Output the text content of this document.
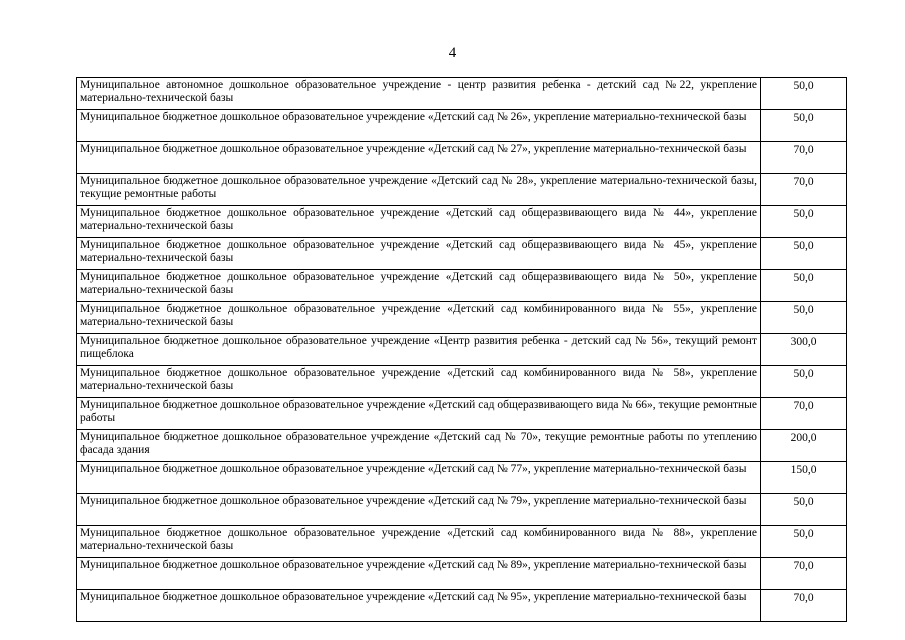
4
Муниципальное автономное дошкольное образовательное учреждение - центр развития ребенка - детский сад №22, укрепление материально-технической базы	50,0
Муниципальное бюджетное дошкольное образовательное учреждение «Детский сад № 26», укрепление материально-технической базы	50,0
Муниципальное бюджетное дошкольное образовательное учреждение «Детский сад № 27», укрепление материально-технической базы	70,0
Муниципальное бюджетное дошкольное образовательное учреждение «Детский сад № 28», укрепление материально-технической базы, текущие ремонтные работы	70,0
Муниципальное бюджетное дошкольное образовательное учреждение «Детский сад общеразвивающего вида № 44», укрепление материально-технической базы	50,0
Муниципальное бюджетное дошкольное образовательное учреждение «Детский сад общеразвивающего вида № 45», укрепление материально-технической базы	50,0
Муниципальное бюджетное дошкольное образовательное учреждение «Детский сад общеразвивающего вида № 50», укрепление материально-технической базы	50,0
Муниципальное бюджетное дошкольное образовательное учреждение «Детский сад комбинированного вида № 55», укрепление материально-технической базы	50,0
Муниципальное бюджетное дошкольное образовательное учреждение «Центр развития ребенка - детский сад № 56», текущий ремонт пищеблока	300,0
Муниципальное бюджетное дошкольное образовательное учреждение «Детский сад комбинированного вида № 58», укрепление материально-технической базы	50,0
Муниципальное бюджетное дошкольное образовательное учреждение «Детский сад общеразвивающего вида № 66», текущие ремонтные работы	70,0
Муниципальное бюджетное дошкольное образовательное учреждение «Детский сад № 70», текущие ремонтные работы по утеплению фасада здания	200,0
Муниципальное бюджетное дошкольное образовательное учреждение «Детский сад № 77», укрепление материально-технической базы	150,0
Муниципальное бюджетное дошкольное образовательное учреждение «Детский сад № 79», укрепление материально-технической базы	50,0
Муниципальное бюджетное дошкольное образовательное учреждение «Детский сад комбинированного вида № 88», укрепление материально-технической базы	50,0
Муниципальное бюджетное дошкольное образовательное учреждение «Детский сад № 89», укрепление материально-технической базы	70,0
Муниципальное бюджетное дошкольное образовательное учреждение «Детский сад № 95», укрепление материально-технической базы	70,0
